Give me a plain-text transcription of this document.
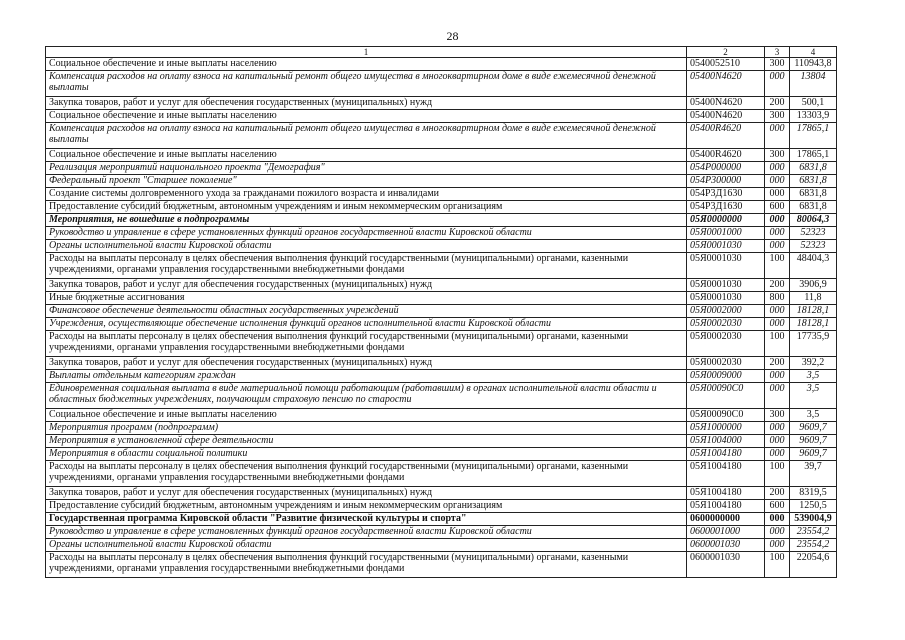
28
1	2	3	4
Социальное обеспечение и иные выплаты населению	0540052510	300	110943,8
Компенсация расходов на оплату взноса на капитальный ремонт общего имущества в многоквартирном доме в виде ежемесячной денежной выплаты	05400N4620	000	13804
Закупка товаров, работ и услуг для обеспечения государственных (муниципальных) нужд	05400N4620	200	500,1
Социальное обеспечение и иные выплаты населению	05400N4620	300	13303,9
Компенсация расходов на оплату взноса на капитальный ремонт общего имущества в многоквартирном доме в виде ежемесячной денежной выплаты	05400R4620	000	17865,1
Социальное обеспечение и иные выплаты населению	05400R4620	300	17865,1
Реализация мероприятий национального проекта "Демография"	054P000000	000	6831,8
Федеральный проект "Старшее поколение"	054P300000	000	6831,8
Создание системы долговременного ухода за гражданами пожилого возраста и инвалидами	054P3Д1630	000	6831,8
Предоставление субсидий бюджетным, автономным учреждениям и иным некоммерческим организациям	054P3Д1630	600	6831,8
Мероприятия, не вошедшие в подпрограммы	05Я0000000	000	80064,3
Руководство и управление в сфере установленных функций органов государственной власти Кировской области	05Я0001000	000	52323
Органы исполнительной власти Кировской области	05Я0001030	000	52323
Расходы на выплаты персоналу в целях обеспечения выполнения функций государственными (муниципальными) органами, казенными учреждениями, органами управления государственными внебюджетными фондами	05Я0001030	100	48404,3
Закупка товаров, работ и услуг для обеспечения государственных (муниципальных) нужд	05Я0001030	200	3906,9
Иные бюджетные ассигнования	05Я0001030	800	11,8
Финансовое обеспечение деятельности областных государственных учреждений	05Я0002000	000	18128,1
Учреждения, осуществляющие обеспечение исполнения функций органов исполнительной власти Кировской области	05Я0002030	000	18128,1
Расходы на выплаты персоналу в целях обеспечения выполнения функций государственными (муниципальными) органами, казенными учреждениями, органами управления государственными внебюджетными фондами	05Я0002030	100	17735,9
Закупка товаров, работ и услуг для обеспечения государственных (муниципальных) нужд	05Я0002030	200	392,2
Выплаты отдельным категориям граждан	05Я0009000	000	3,5
Единовременная социальная выплата в виде материальной помощи работающим (работавшим) в органах исполнительной власти области и областных бюджетных учреждениях, получающим страховую пенсию по старости	05Я00090С0	000	3,5
Социальное обеспечение и иные выплаты населению	05Я00090С0	300	3,5
Мероприятия программ (подпрограмм)	05Я1000000	000	9609,7
Мероприятия в установленной сфере деятельности	05Я1004000	000	9609,7
Мероприятия в области социальной политики	05Я1004180	000	9609,7
Расходы на выплаты персоналу в целях обеспечения выполнения функций государственными (муниципальными) органами, казенными учреждениями, органами управления государственными внебюджетными фондами	05Я1004180	100	39,7
Закупка товаров, работ и услуг для обеспечения государственных (муниципальных) нужд	05Я1004180	200	8319,5
Предоставление субсидий бюджетным, автономным учреждениям и иным некоммерческим организациям	05Я1004180	600	1250,5
Государственная программа Кировской области "Развитие физической культуры и спорта"	0600000000	000	539004,9
Руководство и управление в сфере установленных функций органов государственной власти Кировской области	0600001000	000	23554,2
Органы исполнительной власти Кировской области	0600001030	000	23554,2
Расходы на выплаты персоналу в целях обеспечения выполнения функций государственными (муниципальными) органами, казенными учреждениями, органами управления государственными внебюджетными фондами	0600001030	100	22054,6
